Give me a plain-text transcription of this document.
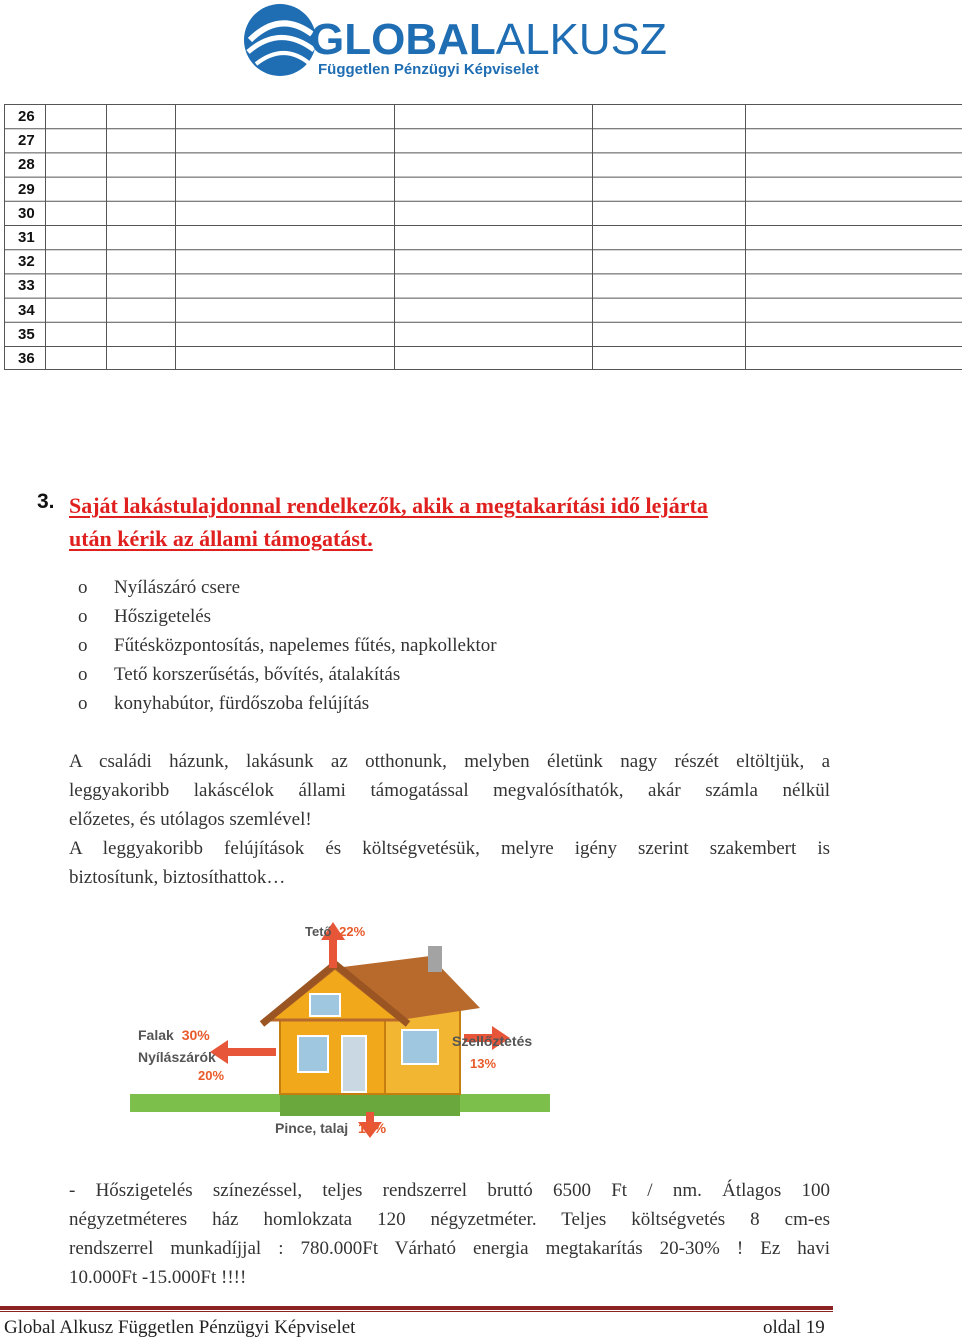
GLOBALALKUSZ
Független Pénzügyi Képviselet
26
27
28
29
30
31
32
33
34
35
36
3. Saját lakástulajdonnal rendelkezők, akik a megtakarítási idő lejárta
után kérik az állami támogatást.
o Nyílászáró csere
o Hőszigetelés
o Fűtésközpontosítás, napelemes fűtés, napkollektor
o Tető korszerűsétás, bővítés, átalakítás
o konyhabútor, fürdőszoba felújítás

A családi házunk, lakásunk az otthonunk, melyben életünk nagy részét eltöltjük, a
leggyakoribb lakáscélok állami támogatással megvalósíthatók, akár számla nélkül
előzetes, és utólagos szemlével!
A leggyakoribb felújítások és költségvetésük, melyre igény szerint szakembert is
biztosítunk, biztosíthattok…

Tető 22%
Falak 30%
Nyílászárók
20%
Szellőztetés
13%
Pince, talaj 15%

- Hőszigetelés színezéssel, teljes rendszerrel bruttó 6500 Ft / nm. Átlagos 100
négyzetméteres ház homlokzata 120 négyzetméter. Teljes költségvetés 8 cm-es
rendszerrel munkadíjjal : 780.000Ft Várható energia megtakarítás 20-30% ! Ez havi
10.000Ft -15.000Ft !!!!

Global Alkusz Független Pénzügyi Képviselet	oldal 19
